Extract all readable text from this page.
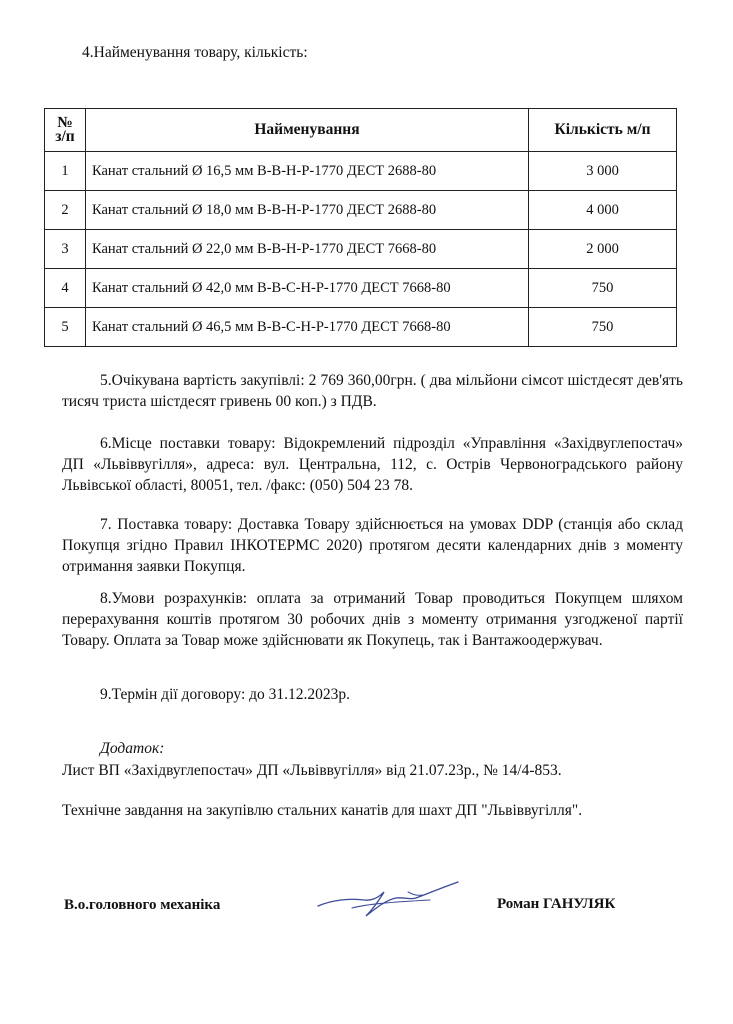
4.Найменування товару, кількість:
№ з/п	Найменування	Кількість м/п
1	Канат стальний Ø 16,5 мм В-В-Н-Р-1770 ДЕСТ 2688-80	3 000
2	Канат стальний Ø 18,0 мм В-В-Н-Р-1770 ДЕСТ 2688-80	4 000
3	Канат стальний Ø 22,0 мм В-В-Н-Р-1770 ДЕСТ 7668-80	2 000
4	Канат стальний Ø 42,0 мм В-В-С-Н-Р-1770 ДЕСТ 7668-80	750
5	Канат стальний Ø 46,5 мм В-В-С-Н-Р-1770 ДЕСТ 7668-80	750
5.Очікувана вартість закупівлі: 2 769 360,00грн. ( два мільйони сімсот шістдесят дев'ять тисяч триста шістдесят гривень 00 коп.) з ПДВ.
6.Місце поставки товару: Відокремлений підрозділ «Управління «Західвуглепостач» ДП «Львіввугілля», адреса: вул. Центральна, 112, с. Острів Червоноградського району Львівської області, 80051, тел. /факс: (050) 504 23 78.
7. Поставка товару: Доставка Товару здійснюється на умовах DDP (станція або склад Покупця згідно Правил ІНКОТЕРМС 2020) протягом десяти календарних днів з моменту отримання заявки Покупця.
8.Умови розрахунків: оплата за отриманий Товар проводиться Покупцем шляхом перерахування коштів протягом 30 робочих днів з моменту отримання узгодженої партії Товару. Оплата за Товар може здійснювати як Покупець, так і Вантажоодержувач.
9.Термін дії договору: до 31.12.2023р.
Додаток:
Лист ВП «Західвуглепостач» ДП «Львіввугілля» від 21.07.23р., № 14/4-853.
Технічне завдання на закупівлю стальних канатів для шахт ДП "Львіввугілля".
В.о.головного механіка	Роман ГАНУЛЯК
